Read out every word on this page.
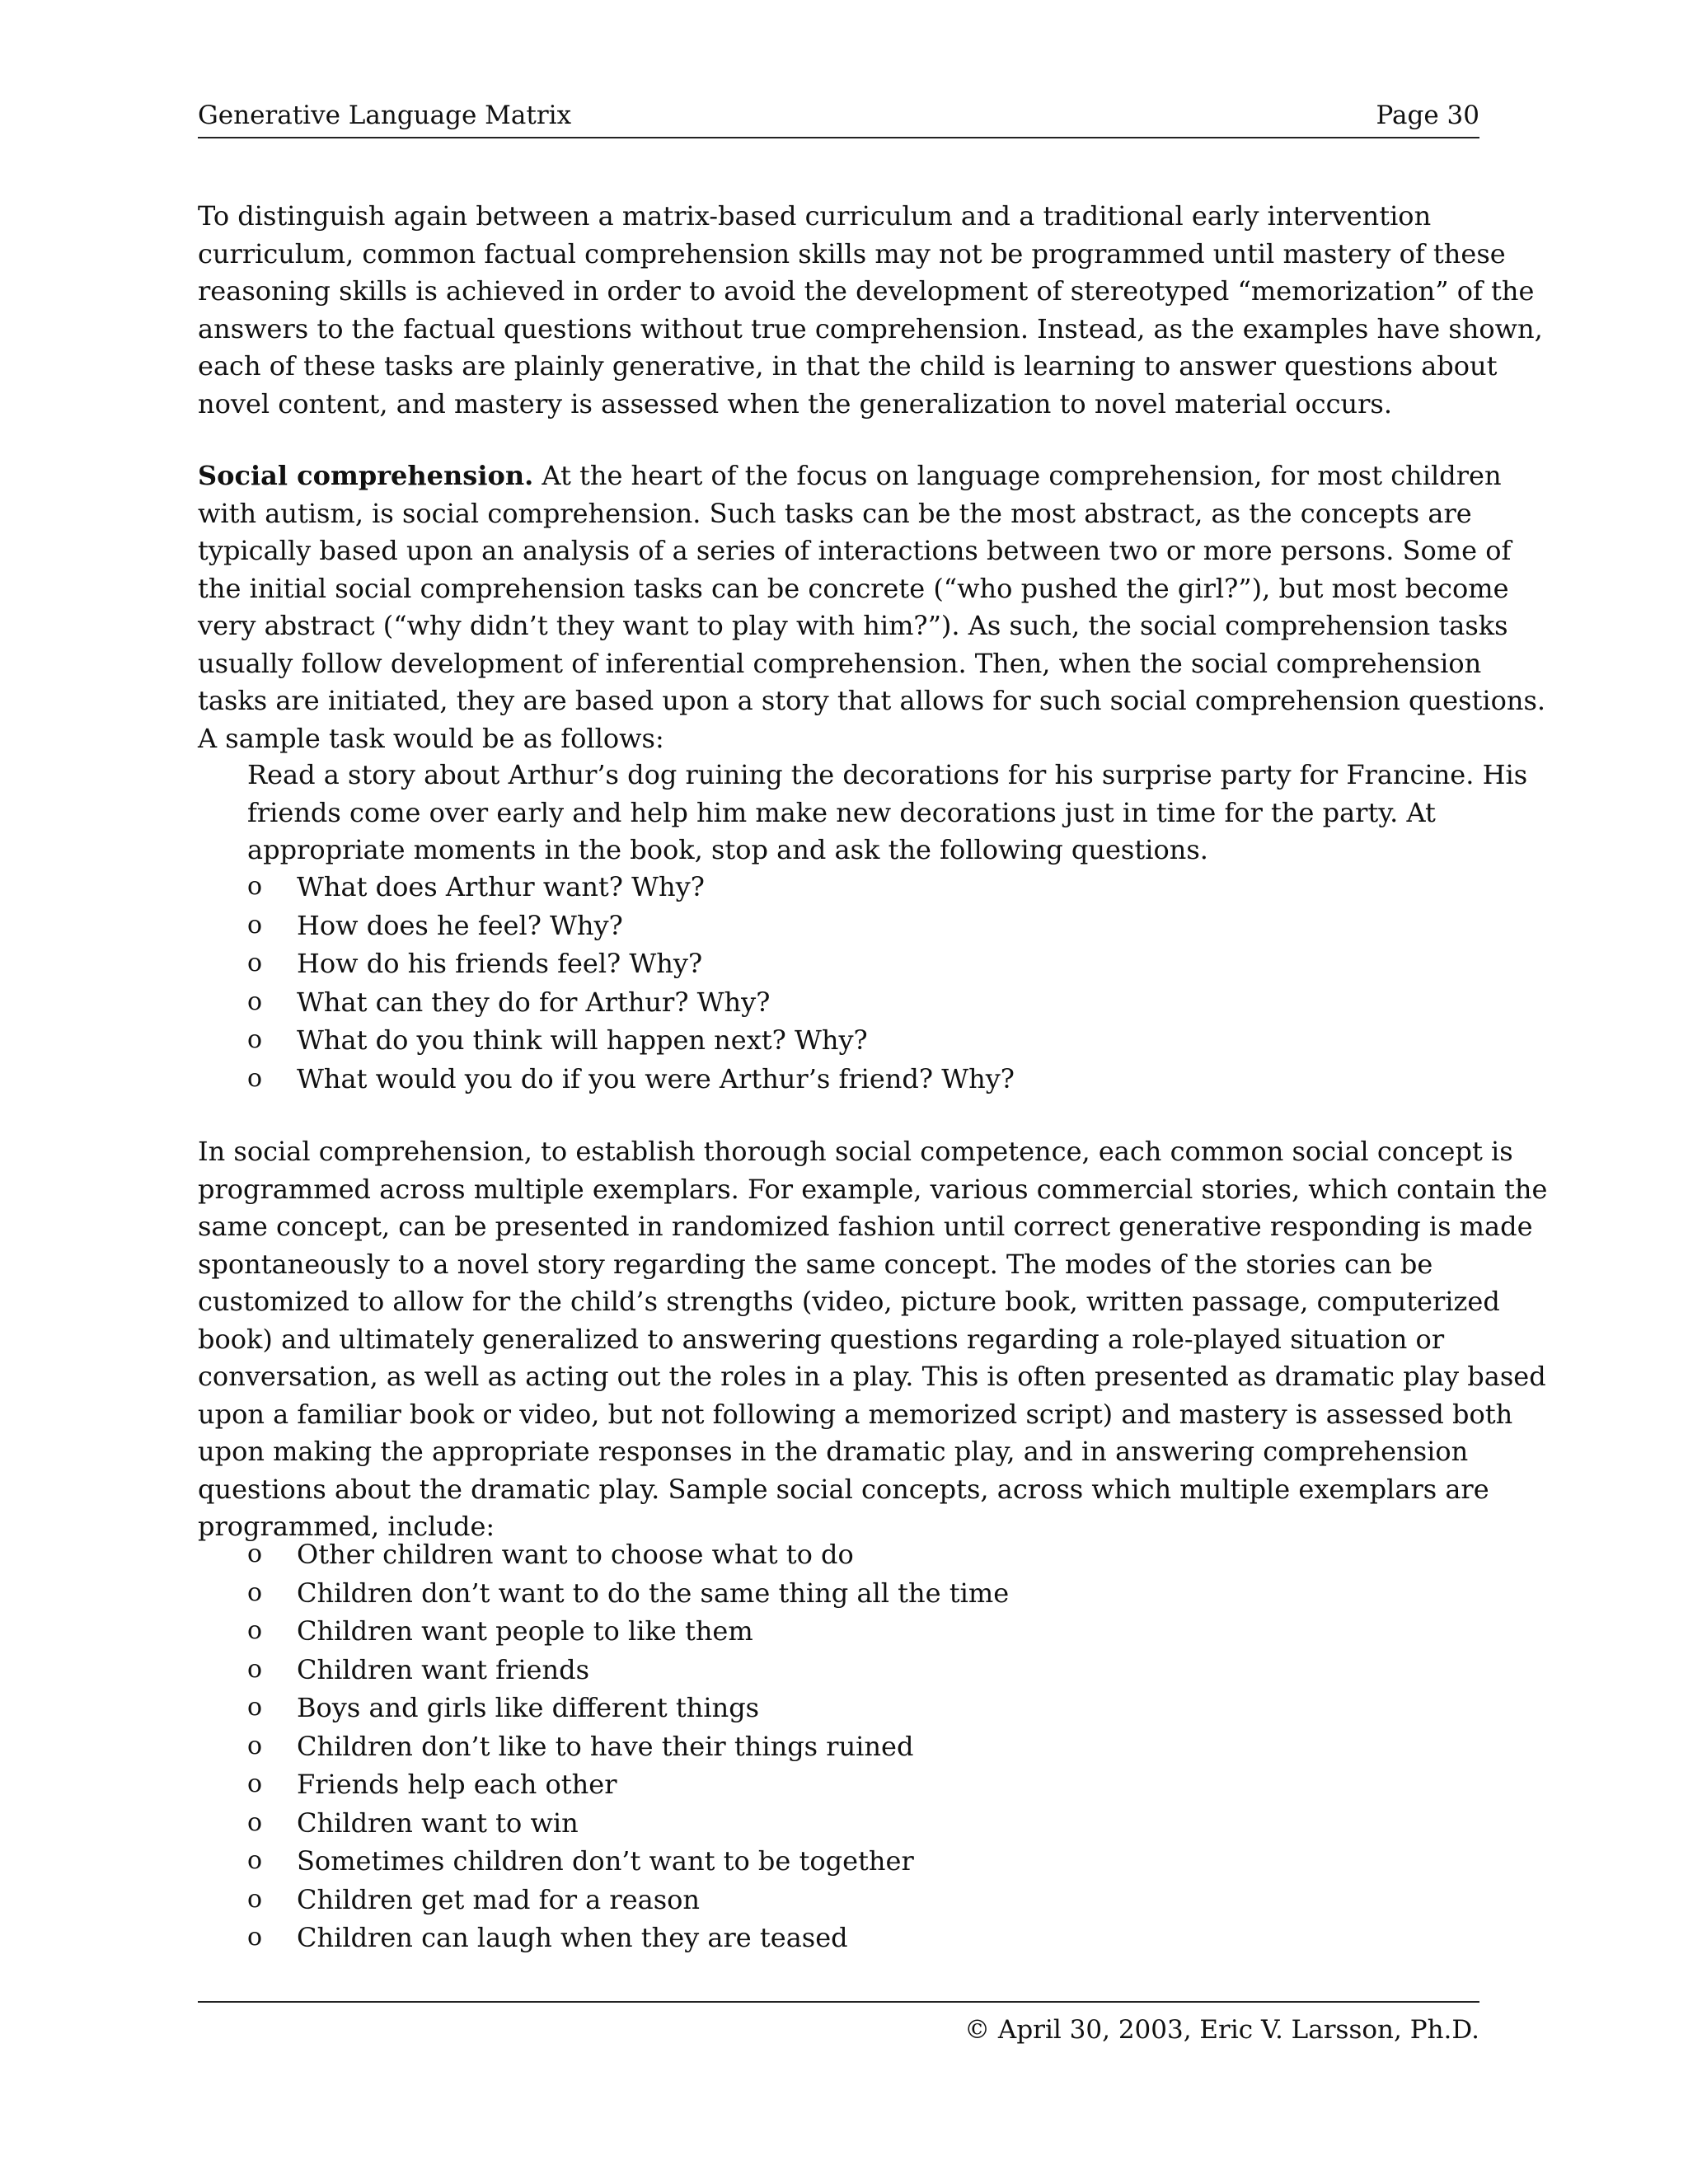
Generative Language Matrix	Page 30
To distinguish again between a matrix-based curriculum and a traditional early intervention
curriculum, common factual comprehension skills may not be programmed until mastery of these
reasoning skills is achieved in order to avoid the development of stereotyped “memorization” of the
answers to the factual questions without true comprehension. Instead, as the examples have shown,
each of these tasks are plainly generative, in that the child is learning to answer questions about
novel content, and mastery is assessed when the generalization to novel material occurs.
Social comprehension. At the heart of the focus on language comprehension, for most children
with autism, is social comprehension. Such tasks can be the most abstract, as the concepts are
typically based upon an analysis of a series of interactions between two or more persons. Some of
the initial social comprehension tasks can be concrete (“who pushed the girl?”), but most become
very abstract (“why didn’t they want to play with him?”). As such, the social comprehension tasks
usually follow development of inferential comprehension. Then, when the social comprehension
tasks are initiated, they are based upon a story that allows for such social comprehension questions.
A sample task would be as follows:
Read a story about Arthur’s dog ruining the decorations for his surprise party for Francine. His
friends come over early and help him make new decorations just in time for the party. At
appropriate moments in the book, stop and ask the following questions.
o What does Arthur want? Why?
o How does he feel? Why?
o How do his friends feel? Why?
o What can they do for Arthur? Why?
o What do you think will happen next? Why?
o What would you do if you were Arthur’s friend? Why?
In social comprehension, to establish thorough social competence, each common social concept is
programmed across multiple exemplars. For example, various commercial stories, which contain the
same concept, can be presented in randomized fashion until correct generative responding is made
spontaneously to a novel story regarding the same concept. The modes of the stories can be
customized to allow for the child’s strengths (video, picture book, written passage, computerized
book) and ultimately generalized to answering questions regarding a role-played situation or
conversation, as well as acting out the roles in a play. This is often presented as dramatic play based
upon a familiar book or video, but not following a memorized script) and mastery is assessed both
upon making the appropriate responses in the dramatic play, and in answering comprehension
questions about the dramatic play. Sample social concepts, across which multiple exemplars are
programmed, include:
o Other children want to choose what to do
o Children don’t want to do the same thing all the time
o Children want people to like them
o Children want friends
o Boys and girls like different things
o Children don’t like to have their things ruined
o Friends help each other
o Children want to win
o Sometimes children don’t want to be together
o Children get mad for a reason
o Children can laugh when they are teased
© April 30, 2003, Eric V. Larsson, Ph.D.
